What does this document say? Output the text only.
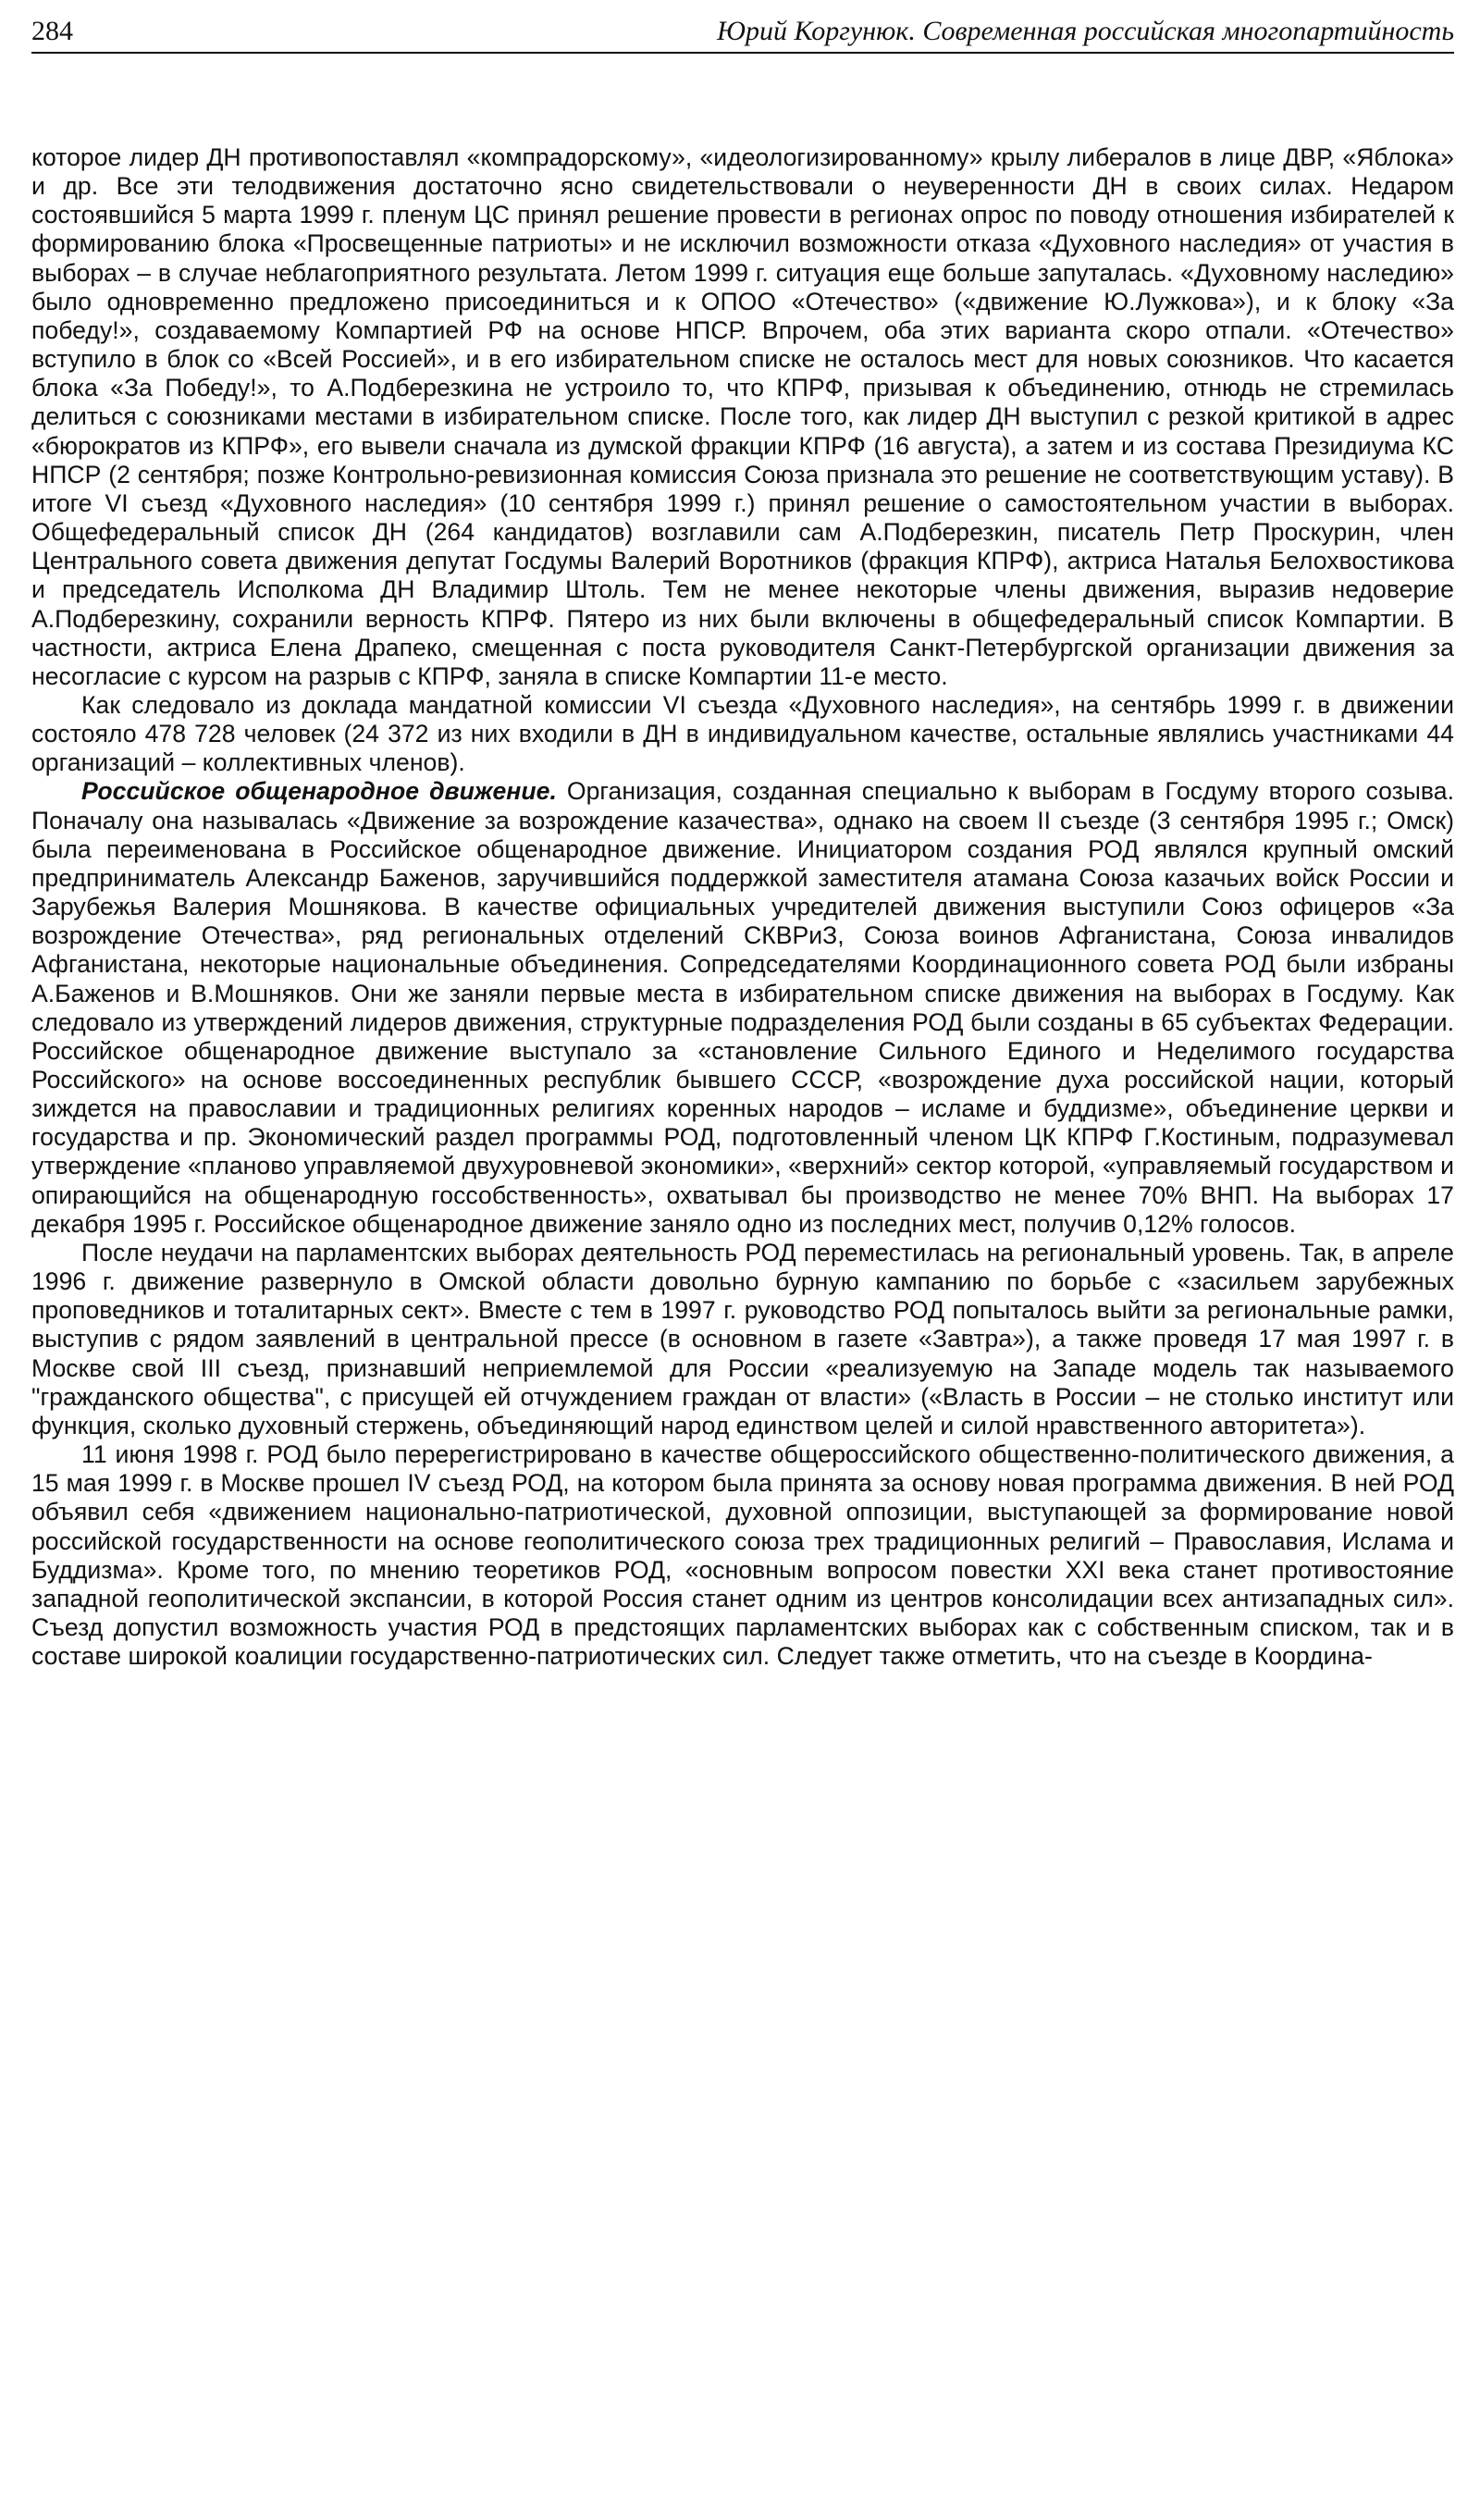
284	Юрий Коргунюк. Современная российская многопартийность

которое лидер ДН противопоставлял «компрадорскому», «идеологизированному» крылу либералов в лице ДВР, «Яблока» и др. Все эти телодвижения достаточно ясно свидетельствовали о неуверенности ДН в своих силах. Недаром состоявшийся 5 марта 1999 г. пленум ЦС принял решение провести в регионах опрос по поводу отношения избирателей к формированию блока «Просвещенные патриоты» и не исключил возможности отказа «Духовного наследия» от участия в выборах – в случае неблагоприятного результата. Летом 1999 г. ситуация еще больше запуталась. «Духовному наследию» было одновременно предложено присоединиться и к ОПОО «Отечество» («движение Ю.Лужкова»), и к блоку «За победу!», создаваемому Компартией РФ на основе НПСР. Впрочем, оба этих варианта скоро отпали. «Отечество» вступило в блок со «Всей Россией», и в его избирательном списке не осталось мест для новых союзников. Что касается блока «За Победу!», то А.Подберезкина не устроило то, что КПРФ, призывая к объединению, отнюдь не стремилась делиться с союзниками местами в избирательном списке. После того, как лидер ДН выступил с резкой критикой в адрес «бюрократов из КПРФ», его вывели сначала из думской фракции КПРФ (16 августа), а затем и из состава Президиума КС НПСР (2 сентября; позже Контрольно-ревизионная комиссия Союза признала это решение не соответствующим уставу). В итоге VI съезд «Духовного наследия» (10 сентября 1999 г.) принял решение о самостоятельном участии в выборах. Общефедеральный список ДН (264 кандидатов) возглавили сам А.Подберезкин, писатель Петр Проскурин, член Центрального совета движения депутат Госдумы Валерий Воротников (фракция КПРФ), актриса Наталья Белохвостикова и председатель Исполкома ДН Владимир Штоль. Тем не менее некоторые члены движения, выразив недоверие А.Подберезкину, сохранили верность КПРФ. Пятеро из них были включены в общефедеральный список Компартии. В частности, актриса Елена Драпеко, смещенная с поста руководителя Санкт-Петербургской организации движения за несогласие с курсом на разрыв с КПРФ, заняла в списке Компартии 11-е место.

Как следовало из доклада мандатной комиссии VI съезда «Духовного наследия», на сентябрь 1999 г. в движении состояло 478 728 человек (24 372 из них входили в ДН в индивидуальном качестве, остальные являлись участниками 44 организаций – коллективных членов).

Российское общенародное движение. Организация, созданная специально к выборам в Госдуму второго созыва. Поначалу она называлась «Движение за возрождение казачества», однако на своем II съезде (3 сентября 1995 г.; Омск) была переименована в Российское общенародное движение. Инициатором создания РОД являлся крупный омский предприниматель Александр Баженов, заручившийся поддержкой заместителя атамана Союза казачьих войск России и Зарубежья Валерия Мошнякова. В качестве официальных учредителей движения выступили Союз офицеров «За возрождение Отечества», ряд региональных отделений СКВРиЗ, Союза воинов Афганистана, Союза инвалидов Афганистана, некоторые национальные объединения. Сопредседателями Координационного совета РОД были избраны А.Баженов и В.Мошняков. Они же заняли первые места в избирательном списке движения на выборах в Госдуму. Как следовало из утверждений лидеров движения, структурные подразделения РОД были созданы в 65 субъектах Федерации. Российское общенародное движение выступало за «становление Сильного Единого и Неделимого государства Российского» на основе воссоединенных республик бывшего СССР, «возрождение духа российской нации, который зиждется на православии и традиционных религиях коренных народов – исламе и буддизме», объединение церкви и государства и пр. Экономический раздел программы РОД, подготовленный членом ЦК КПРФ Г.Костиным, подразумевал утверждение «планово управляемой двухуровневой экономики», «верхний» сектор которой, «управляемый государством и опирающийся на общенародную госсобственность», охватывал бы производство не менее 70% ВНП. На выборах 17 декабря 1995 г. Российское общенародное движение заняло одно из последних мест, получив 0,12% голосов.

После неудачи на парламентских выборах деятельность РОД переместилась на региональный уровень. Так, в апреле 1996 г. движение развернуло в Омской области довольно бурную кампанию по борьбе с «засильем зарубежных проповедников и тоталитарных сект». Вместе с тем в 1997 г. руководство РОД попыталось выйти за региональные рамки, выступив с рядом заявлений в центральной прессе (в основном в газете «Завтра»), а также проведя 17 мая 1997 г. в Москве свой III съезд, признавший неприемлемой для России «реализуемую на Западе модель так называемого "гражданского общества", с присущей ей отчуждением граждан от власти» («Власть в России – не столько институт или функция, сколько духовный стержень, объединяющий народ единством целей и силой нравственного авторитета»).

11 июня 1998 г. РОД было перерегистрировано в качестве общероссийского общественно-политического движения, а 15 мая 1999 г. в Москве прошел IV съезд РОД, на котором была принята за основу новая программа движения. В ней РОД объявил себя «движением национально-патриотической, духовной оппозиции, выступающей за формирование новой российской государственности на основе геополитического союза трех традиционных религий – Православия, Ислама и Буддизма». Кроме того, по мнению теоретиков РОД, «основным вопросом повестки XXI века станет противостояние западной геополитической экспансии, в которой Россия станет одним из центров консолидации всех антизападных сил». Съезд допустил возможность участия РОД в предстоящих парламентских выборах как с собственным списком, так и в составе широкой коалиции государственно-патриотических сил. Следует также отметить, что на съезде в Координа-
